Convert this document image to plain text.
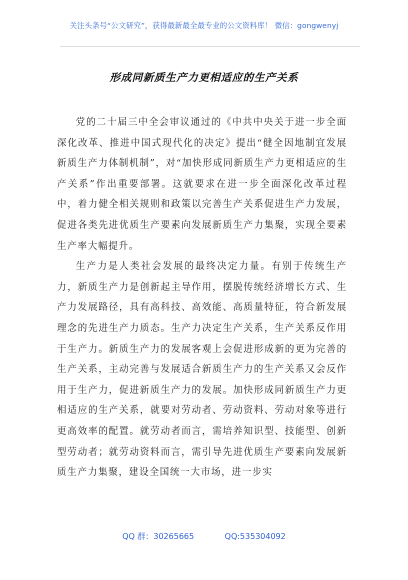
关注头条号“公文研究”，获得最新最全最专业的公文资料库！ 微信：gongwenyj
形成同新质生产力更相适应的生产关系

党的二十届三中全会审议通过的《中共中央关于进一步全面深化改革、推进中国式现代化的决定》提出“健全因地制宜发展新质生产力体制机制”，对“加快形成同新质生产力更相适应的生产关系”作出重要部署。这就要求在进一步全面深化改革过程中，着力健全相关规则和政策以完善生产关系促进生产力发展，促进各类先进优质生产要素向发展新质生产力集聚，实现全要素生产率大幅提升。

生产力是人类社会发展的最终决定力量。有别于传统生产力，新质生产力是创新起主导作用，摆脱传统经济增长方式、生产力发展路径，具有高科技、高效能、高质量特征，符合新发展理念的先进生产力质态。生产力决定生产关系，生产关系反作用于生产力。新质生产力的发展客观上会促进形成新的更为完善的生产关系，主动完善与发展适合新质生产力的生产关系又会反作用于生产力，促进新质生产力的发展。加快形成同新质生产力更相适应的生产关系，就要对劳动者、劳动资料、劳动对象等进行更高效率的配置。就劳动者而言，需培养知识型、技能型、创新型劳动者；就劳动资料而言，需引导先进优质生产要素向发展新质生产力集聚，建设全国统一大市场，进一步实

QQ 群：30265665	QQ:535304092
